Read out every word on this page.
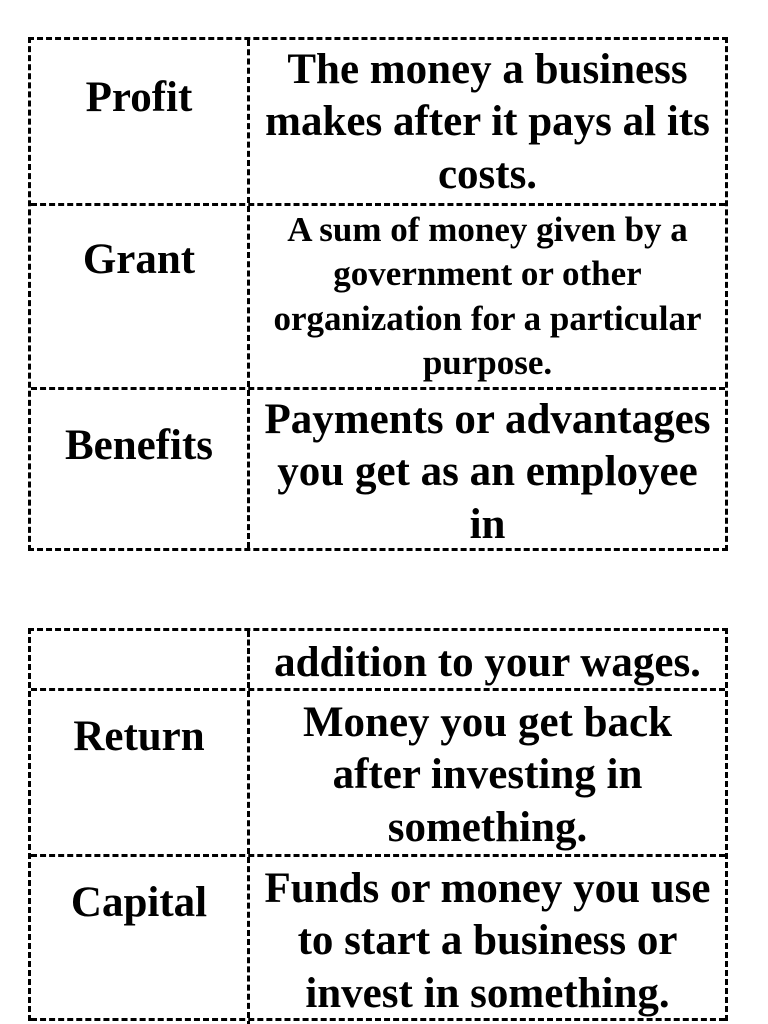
Profit
The money a business makes after it pays al its costs.
Grant
A sum of money given by a government or other organization for a particular purpose.
Benefits
Payments or advantages you get as an employee in
addition to your wages.
Return	Money you get back after investing in something.
Capital	Funds or money you use to start a business or invest in something.
